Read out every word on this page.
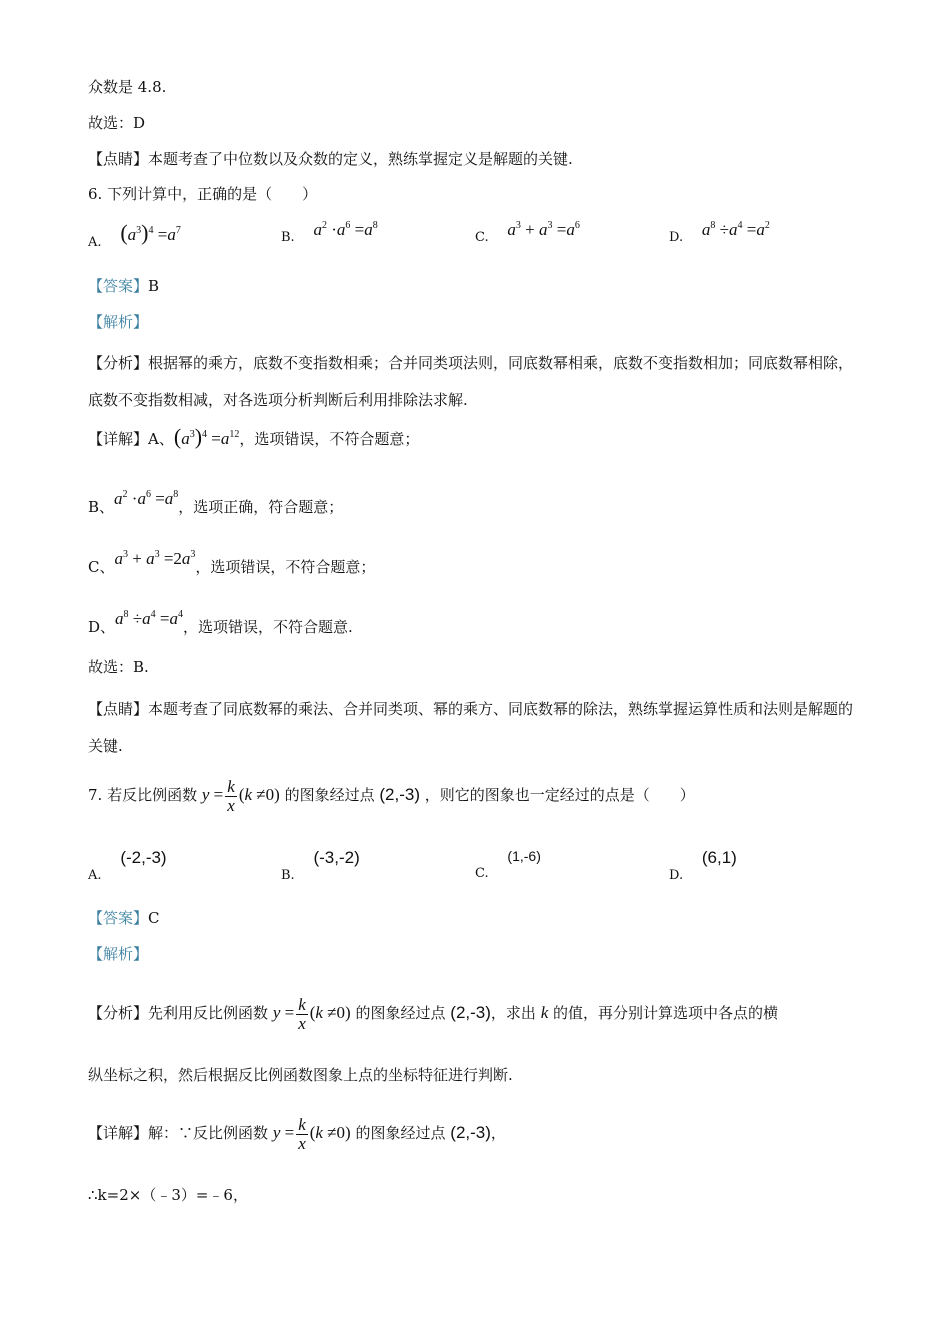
众数是 4.8.
故选：D
【点睛】本题考查了中位数以及众数的定义，熟练掌握定义是解题的关键.
6. 下列计算中，正确的是（　　）
A. $(a^3)^4 =a^7$	B. $a^2 \cdot a^6 =a^8$
C. $a^3 + a^3 =a^6$
D. $a^8 \div a^4 =a^2$
【答案】B
【解析】
【分析】根据幂的乘方，底数不变指数相乘；合并同类项法则，同底数幂相乘，底数不变指数相加；同底数幂相除，底数不变指数相减，对各选项分析判断后利用排除法求解.
【详解】A、$(a^3)^4 =a^{12}$，选项错误，不符合题意；
B、$a^2 \cdot a^6 =a^8$，选项正确，符合题意；
C、$a^3 + a^3 =2a^3$，选项错误，不符合题意；
D、$a^8 \div a^4 =a^4$，选项错误，不符合题意.
故选：B.
【点睛】本题考查了同底数幂的乘法、合并同类项、幂的乘方、同底数幂的除法，熟练掌握运算性质和法则是解题的关键.
7. 若反比例函数 $y = \frac{k}{x} (k \ne 0)$ 的图象经过点 (2,-3) ，则它的图象也一定经过的点是（　　）
A. (-2,-3)
B. (-3,-2)
C. (1,-6)
D. (6,1)
【答案】C
【解析】
【分析】先利用反比例函数 $y = \frac{k}{x} (k \ne 0)$ 的图象经过点 (2,-3)，求出 k 的值，再分别计算选项中各点的横
纵坐标之积，然后根据反比例函数图象上点的坐标特征进行判断.
【详解】解：∵反比例函数 $y = \frac{k}{x} (k \ne 0)$ 的图象经过点 (2,-3)，
∴k=2×（﹣3）=﹣6，
